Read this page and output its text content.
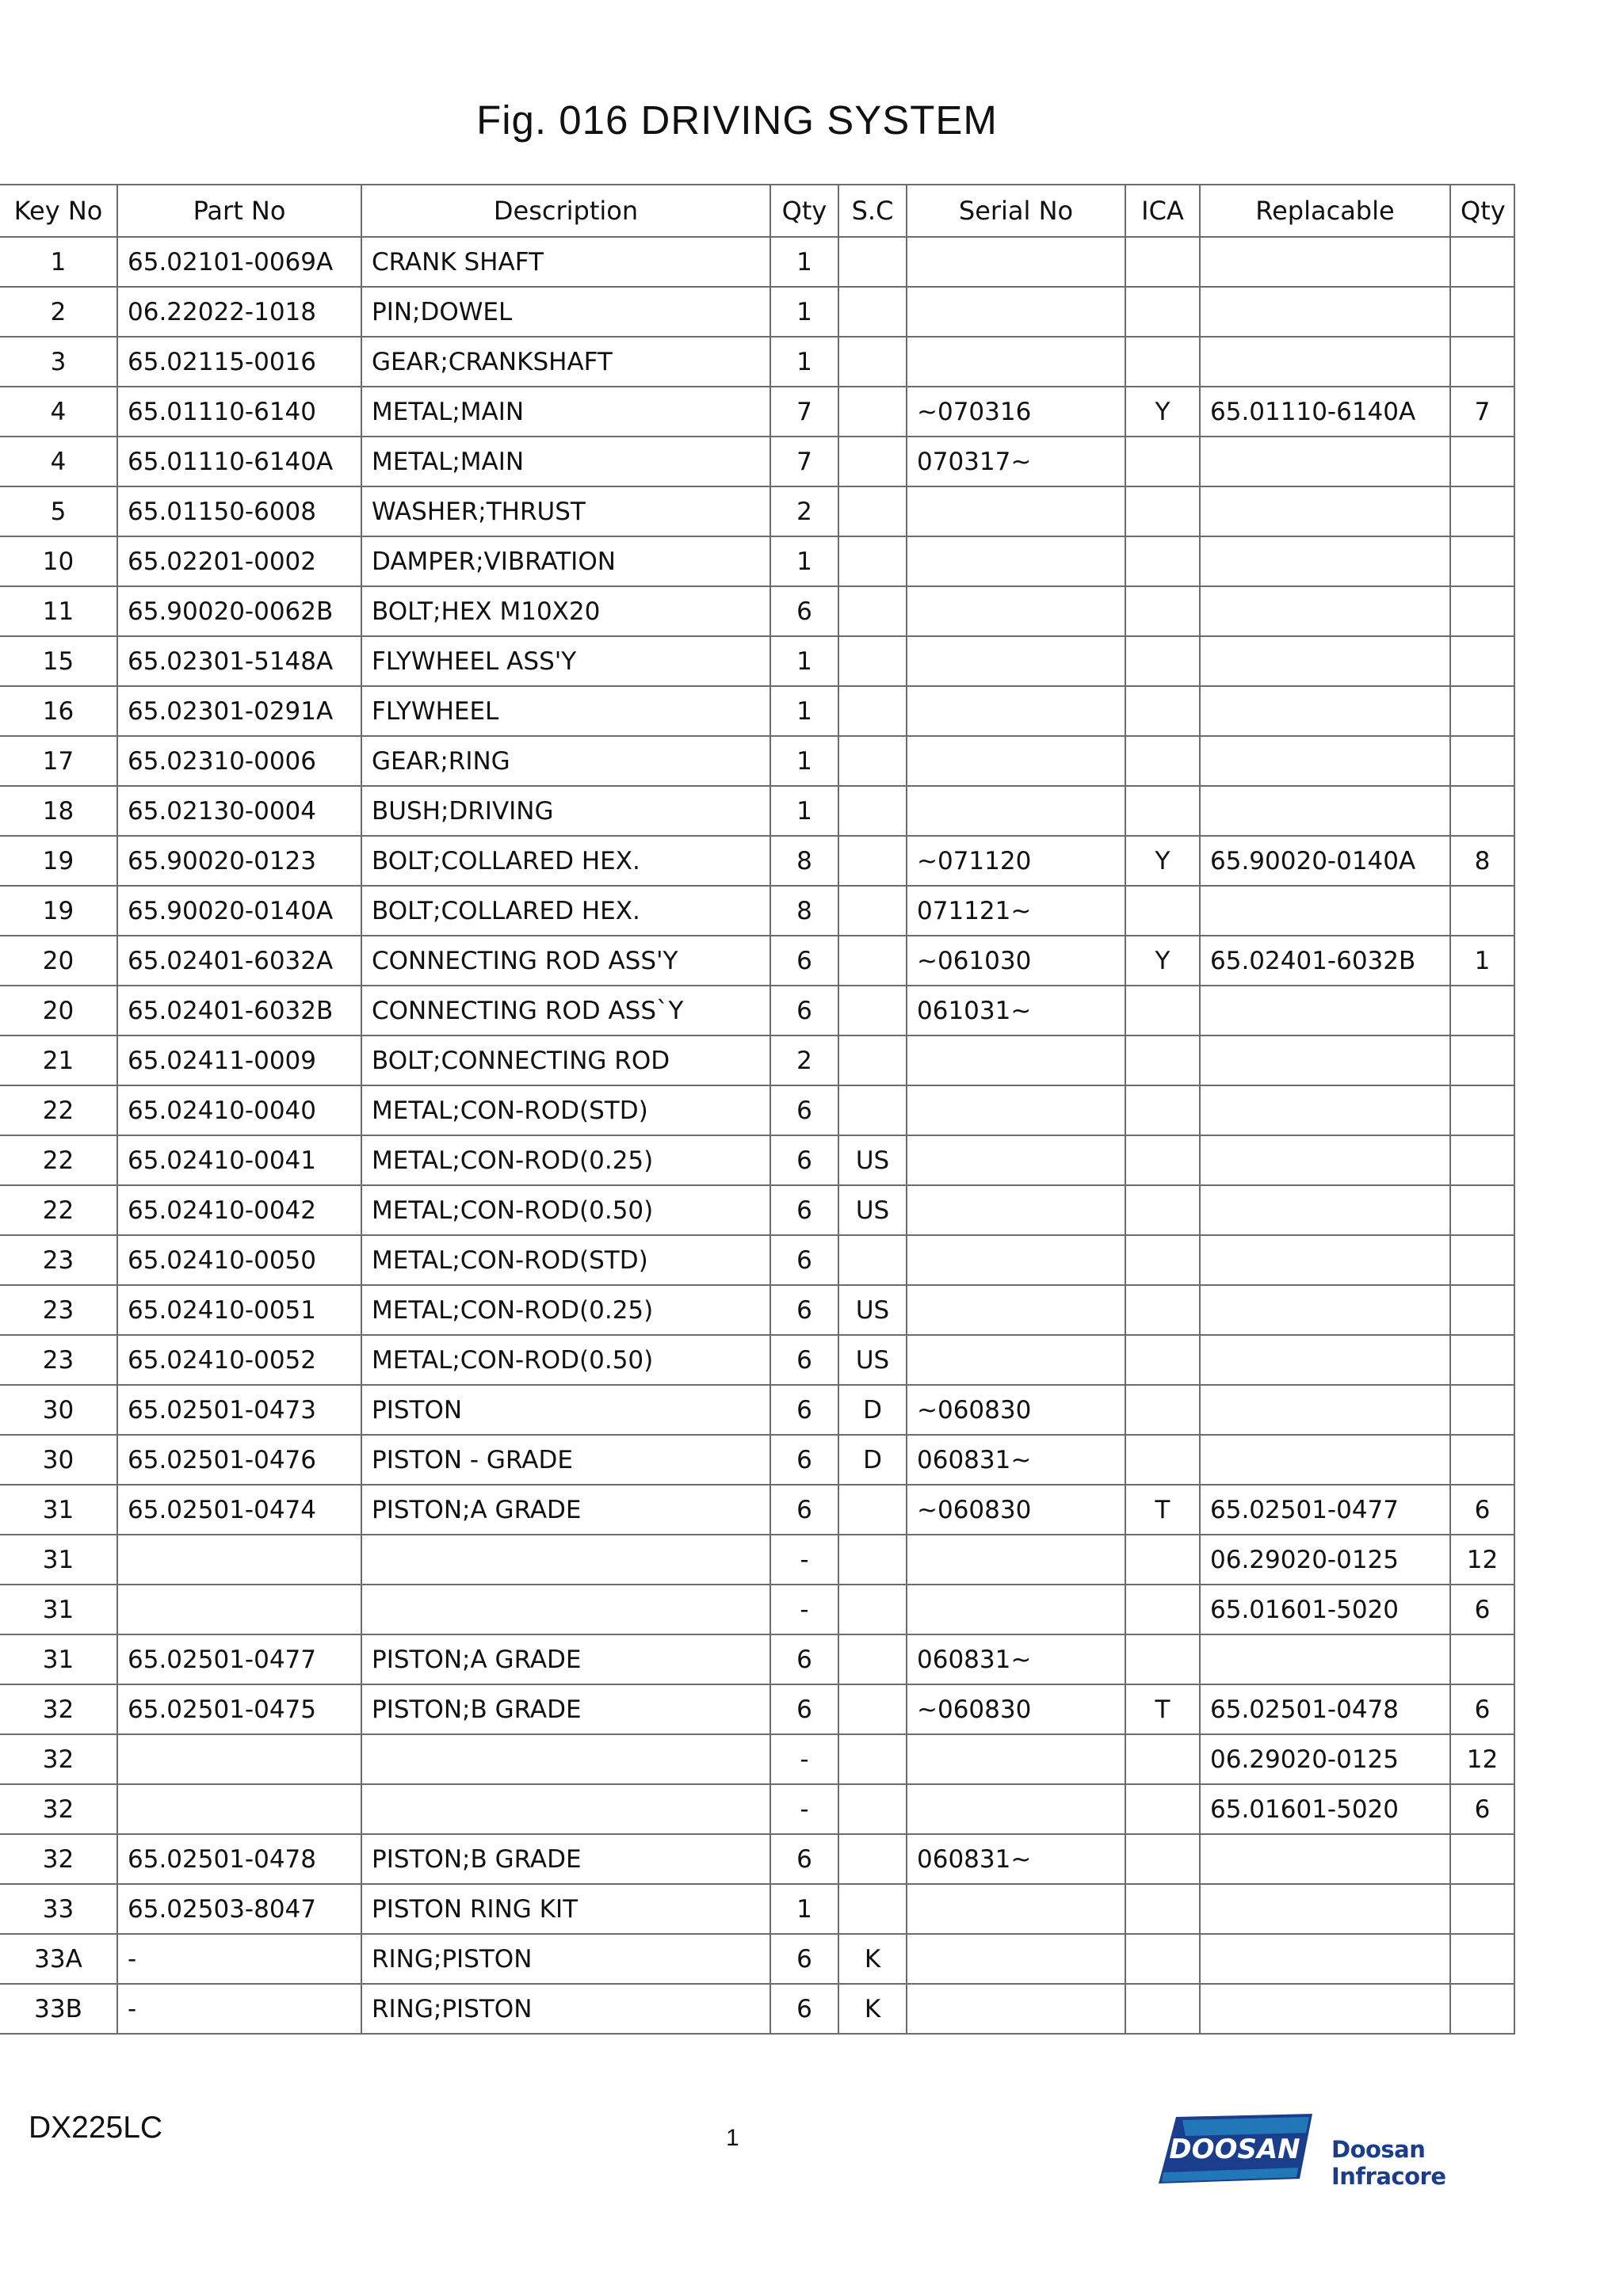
Fig. 016 DRIVING SYSTEM
Key No	Part No	Description	Qty	S.C	Serial No	ICA	Replacable	Qty
1	65.02101-0069A	CRANK SHAFT	1					
2	06.22022-1018	PIN;DOWEL	1					
3	65.02115-0016	GEAR;CRANKSHAFT	1					
4	65.01110-6140	METAL;MAIN	7		~070316	Y	65.01110-6140A	7
4	65.01110-6140A	METAL;MAIN	7		070317~			
5	65.01150-6008	WASHER;THRUST	2					
10	65.02201-0002	DAMPER;VIBRATION	1					
11	65.90020-0062B	BOLT;HEX M10X20	6					
15	65.02301-5148A	FLYWHEEL ASS'Y	1					
16	65.02301-0291A	FLYWHEEL	1					
17	65.02310-0006	GEAR;RING	1					
18	65.02130-0004	BUSH;DRIVING	1					
19	65.90020-0123	BOLT;COLLARED HEX.	8		~071120	Y	65.90020-0140A	8
19	65.90020-0140A	BOLT;COLLARED HEX.	8		071121~			
20	65.02401-6032A	CONNECTING ROD ASS'Y	6		~061030	Y	65.02401-6032B	1
20	65.02401-6032B	CONNECTING ROD ASS`Y	6		061031~			
21	65.02411-0009	BOLT;CONNECTING ROD	2					
22	65.02410-0040	METAL;CON-ROD(STD)	6					
22	65.02410-0041	METAL;CON-ROD(0.25)	6	US				
22	65.02410-0042	METAL;CON-ROD(0.50)	6	US				
23	65.02410-0050	METAL;CON-ROD(STD)	6					
23	65.02410-0051	METAL;CON-ROD(0.25)	6	US				
23	65.02410-0052	METAL;CON-ROD(0.50)	6	US				
30	65.02501-0473	PISTON	6	D	~060830			
30	65.02501-0476	PISTON - GRADE	6	D	060831~			
31	65.02501-0474	PISTON;A GRADE	6		~060830	T	65.02501-0477	6
31			-				06.29020-0125	12
31			-				65.01601-5020	6
31	65.02501-0477	PISTON;A GRADE	6		060831~			
32	65.02501-0475	PISTON;B GRADE	6		~060830	T	65.02501-0478	6
32			-				06.29020-0125	12
32			-				65.01601-5020	6
32	65.02501-0478	PISTON;B GRADE	6		060831~			
33	65.02503-8047	PISTON RING KIT	1					
33A	-	RING;PISTON	6	K				
33B	-	RING;PISTON	6	K				
DX225LC	1	DOOSAN Doosan Infracore
